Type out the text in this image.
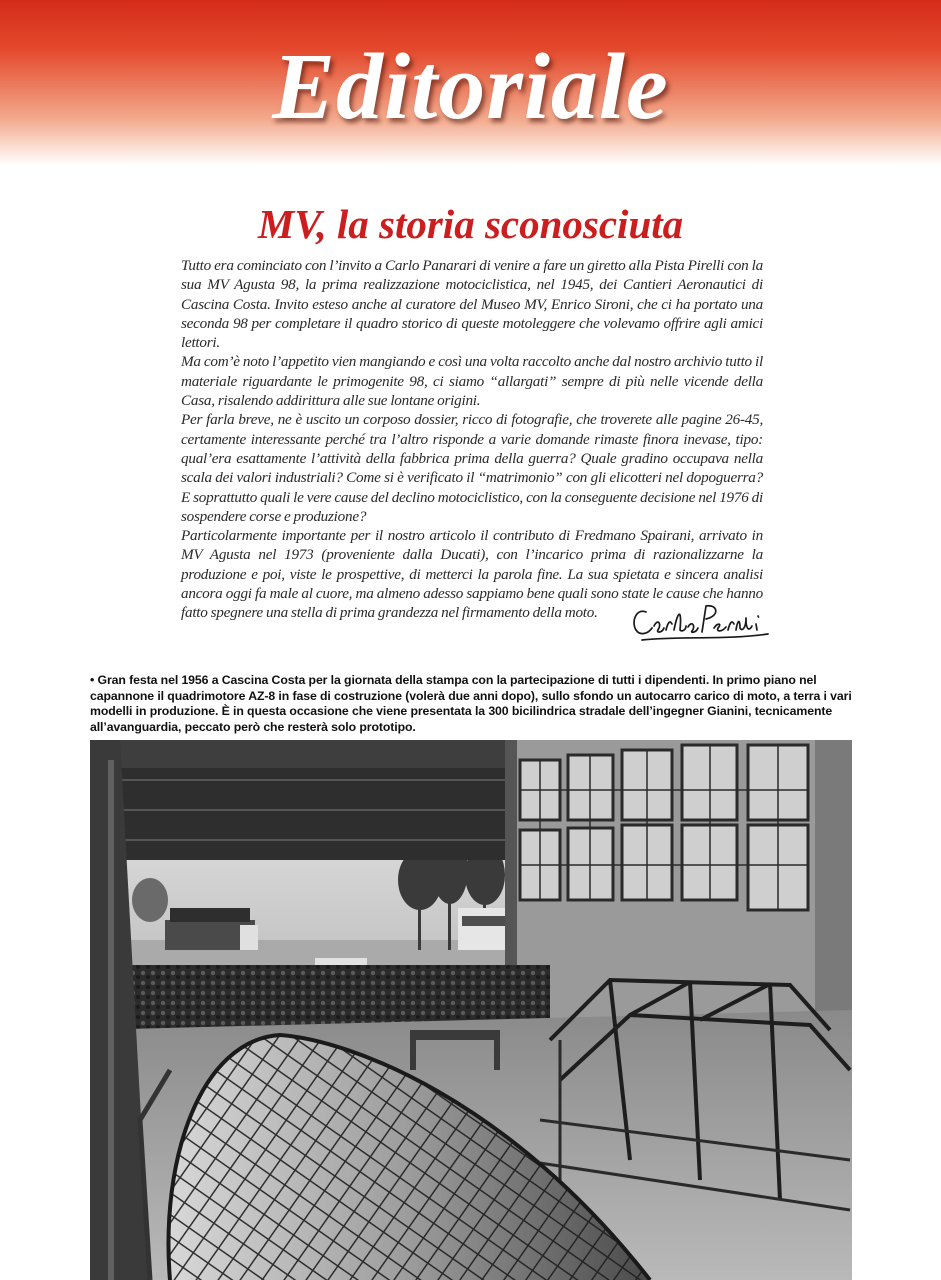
Editoriale
MV, la storia sconosciuta

Tutto era cominciato con l’invito a Carlo Panarari di venire a fare un giretto alla Pista Pirelli con la sua MV Agusta 98, la prima realizzazione motociclistica, nel 1945, dei Cantieri Aeronautici di Cascina Costa. Invito esteso anche al curatore del Museo MV, Enrico Sironi, che ci ha portato una seconda 98 per completare il quadro storico di queste motoleggere che volevamo offrire agli amici lettori.

Ma com’è noto l’appetito vien mangiando e così una volta raccolto anche dal nostro archivio tutto il materiale riguardante le primogenite 98, ci siamo “allargati” sempre di più nelle vicende della Casa, risalendo addirittura alle sue lontane origini.

Per farla breve, ne è uscito un corposo dossier, ricco di fotografie, che troverete alle pagine 26-45, certamente interessante perché tra l’altro risponde a varie domande rimaste finora inevase, tipo: qual’era esattamente l’attività della fabbrica prima della guerra? Quale gradino occupava nella scala dei valori industriali? Come si è verificato il “matrimonio” con gli elicotteri nel dopoguerra? E soprattutto quali le vere cause del declino motociclistico, con la conseguente decisione nel 1976 di sospendere corse e produzione?

Particolarmente importante per il nostro articolo il contributo di Fredmano Spairani, arrivato in MV Agusta nel 1973 (proveniente dalla Ducati), con l’incarico prima di razionalizzarne la produzione e poi, viste le prospettive, di metterci la parola fine. La sua spietata e sincera analisi ancora oggi fa male al cuore, ma almeno adesso sappiamo bene quali sono state le cause che hanno fatto spegnere una stella di prima grandezza nel firmamento della moto.

• Gran festa nel 1956 a Cascina Costa per la giornata della stampa con la partecipazione di tutti i dipendenti. In primo piano nel capannone il quadrimotore AZ-8 in fase di costruzione (volerà due anni dopo), sullo sfondo un autocarro carico di moto, a terra i vari modelli in produzione. È in questa occasione che viene presentata la 300 bicilindrica stradale dell’ingegner Gianini, tecnicamente all’avanguardia, peccato però che resterà solo prototipo.
